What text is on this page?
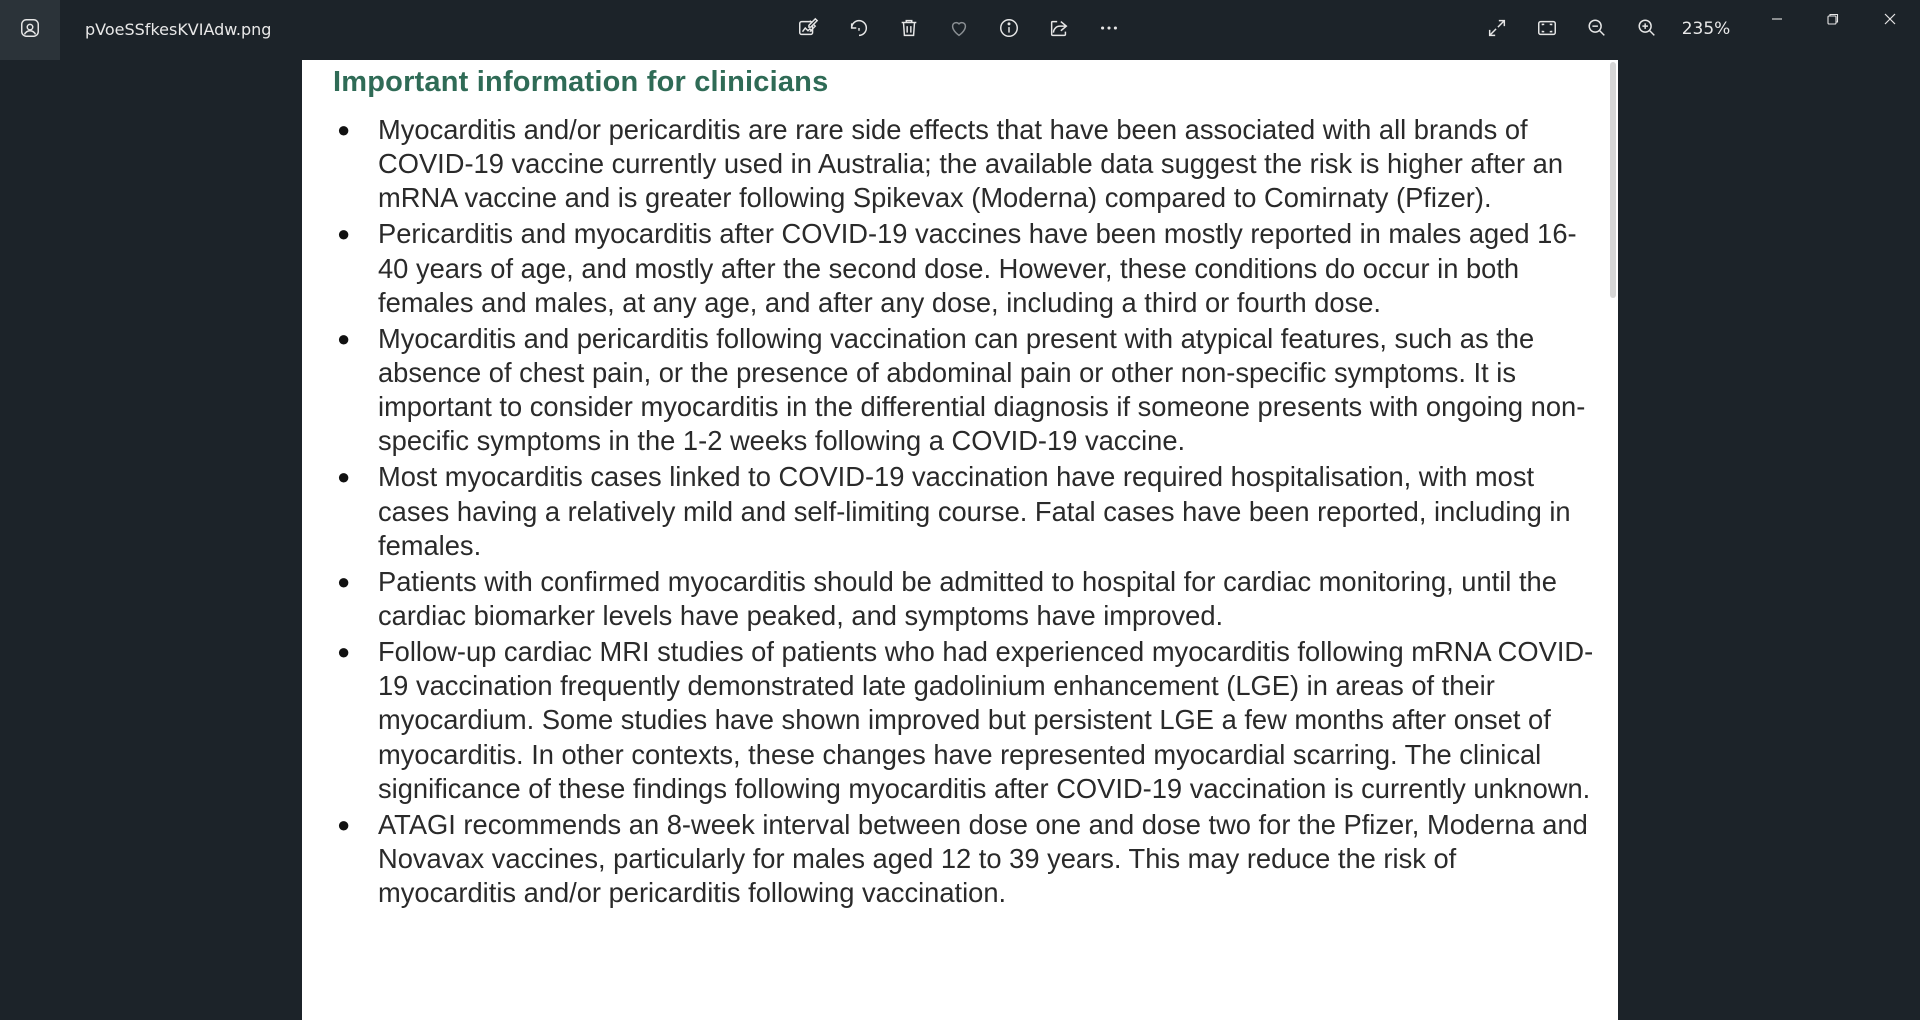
pVoeSSfkesKVIAdw.png	235%
Important information for clinicians
● Myocarditis and/or pericarditis are rare side effects that have been associated with all brands of COVID-19 vaccine currently used in Australia; the available data suggest the risk is higher after an mRNA vaccine and is greater following Spikevax (Moderna) compared to Comirnaty (Pfizer).
● Pericarditis and myocarditis after COVID-19 vaccines have been mostly reported in males aged 16-40 years of age, and mostly after the second dose. However, these conditions do occur in both females and males, at any age, and after any dose, including a third or fourth dose.
● Myocarditis and pericarditis following vaccination can present with atypical features, such as the absence of chest pain, or the presence of abdominal pain or other non-specific symptoms. It is important to consider myocarditis in the differential diagnosis if someone presents with ongoing non-specific symptoms in the 1-2 weeks following a COVID-19 vaccine.
● Most myocarditis cases linked to COVID-19 vaccination have required hospitalisation, with most cases having a relatively mild and self-limiting course. Fatal cases have been reported, including in females.
● Patients with confirmed myocarditis should be admitted to hospital for cardiac monitoring, until the cardiac biomarker levels have peaked, and symptoms have improved.
● Follow-up cardiac MRI studies of patients who had experienced myocarditis following mRNA COVID-19 vaccination frequently demonstrated late gadolinium enhancement (LGE) in areas of their myocardium. Some studies have shown improved but persistent LGE a few months after onset of myocarditis. In other contexts, these changes have represented myocardial scarring. The clinical significance of these findings following myocarditis after COVID-19 vaccination is currently unknown.
● ATAGI recommends an 8-week interval between dose one and dose two for the Pfizer, Moderna and Novavax vaccines, particularly for males aged 12 to 39 years. This may reduce the risk of myocarditis and/or pericarditis following vaccination.
